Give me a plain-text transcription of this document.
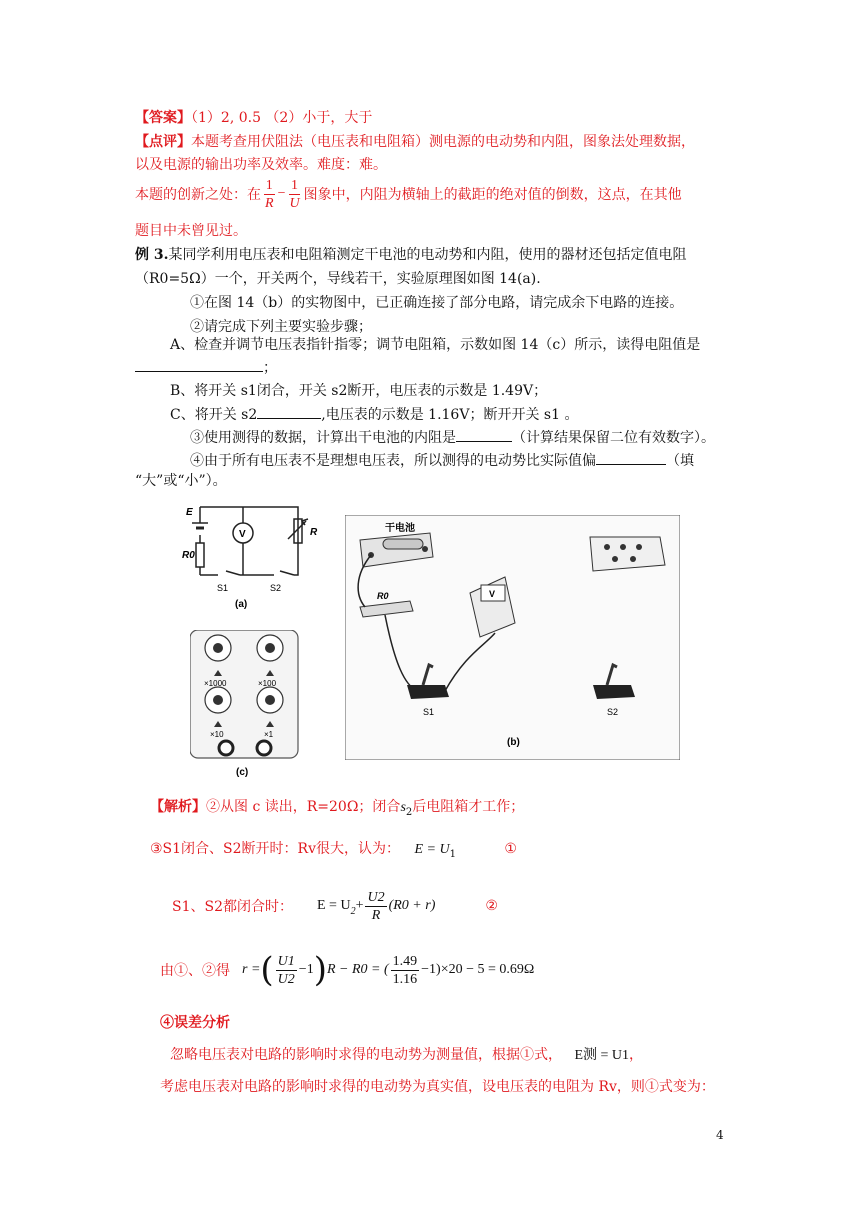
【答案】（1）2, 0.5 （2）小于，大于
【点评】本题考查用伏阻法（电压表和电阻箱）测电源的电动势和内阻，图象法处理数据，
以及电源的输出功率及效率。难度：难。
本题的创新之处：在 $\frac{1}{R} - \frac{1}{U}$ 图象中，内阻为横轴上的截距的绝对值的倒数，这点，在其他
题目中未曾见过。
例 3.某同学利用电压表和电阻箱测定干电池的电动势和内阻，使用的器材还包括定值电阻
（R0=5Ω）一个，开关两个，导线若干，实验原理图如图 14(a).
①在图 14（b）的实物图中，已正确连接了部分电路，请完成余下电路的连接。
②请完成下列主要实验步骤；
A、检查并调节电压表指针指零；调节电阻箱，示数如图 14（c）所示，读得电阻值是
；
B、将开关 s1闭合，开关 s2断开，电压表的示数是 1.49V；
C、将开关 s2	,电压表的示数是 1.16V；断开开关 s1 。
③使用测得的数据，计算出干电池的内阻是	（计算结果保留二位有效数字）。
④由于所有电压表不是理想电压表，所以测得的电动势比实际值偏	（填
“大”或“小”）。
V
E
R0
R
S1	S2
(a)
干电池
R0	V
S1	S2
(b)
×1000	×100
×10	×1
(c)
【解析】②从图 c 读出，R=20Ω；闭合$s_2$后电阻箱才工作；
③S1闭合、S2断开时：Rv很大，认为： $E = U_1$	①
S1、S2都闭合时： $E = U_2 + \frac{U2}{R} (R0 + r)$	②
由①、②得 r = ( $\frac{U1}{U2} -1$ ) R − R0 = ( $\frac{1.49}{1.16} -1)\times 20 - 5 = 0.69\Omega$
④误差分析
忽略电压表对电路的影响时求得的电动势为测量值，根据①式， E测 = U1，
考虑电压表对电路的影响时求得的电动势为真实值，设电压表的电阻为 Rv，则①式变为：
4
